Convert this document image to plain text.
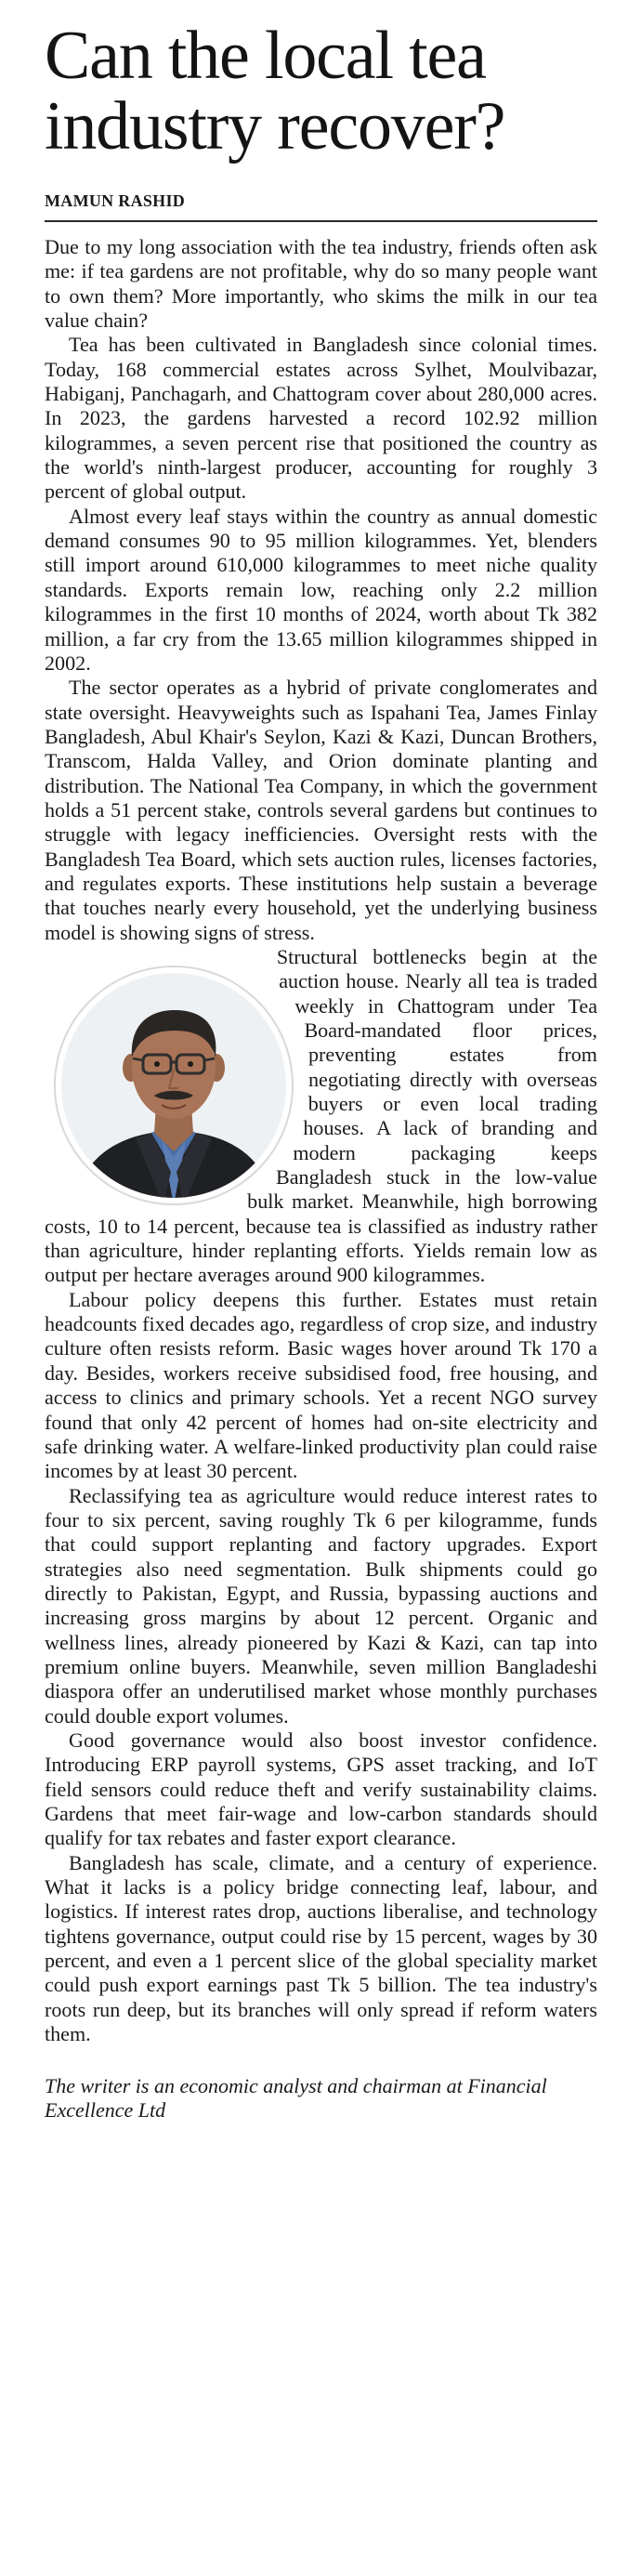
Can the local tea
industry recover?
MAMUN RASHID

Due to my long association with the tea industry, friends often ask me: if tea gardens are not profitable, why do so many people want to own them? More importantly, who skims the milk in our tea value chain?

Tea has been cultivated in Bangladesh since colonial times. Today, 168 commercial estates across Sylhet, Moulvibazar, Habiganj, Panchagarh, and Chattogram cover about 280,000 acres. In 2023, the gardens harvested a record 102.92 million kilogrammes, a seven percent rise that positioned the country as the world's ninth-largest producer, accounting for roughly 3 percent of global output.

Almost every leaf stays within the country as annual domestic demand consumes 90 to 95 million kilogrammes. Yet, blenders still import around 610,000 kilogrammes to meet niche quality standards. Exports remain low, reaching only 2.2 million kilogrammes in the first 10 months of 2024, worth about Tk 382 million, a far cry from the 13.65 million kilogrammes shipped in 2002.

The sector operates as a hybrid of private conglomerates and state oversight. Heavyweights such as Ispahani Tea, James Finlay Bangladesh, Abul Khair's Seylon, Kazi & Kazi, Duncan Brothers, Transcom, Halda Valley, and Orion dominate planting and distribution. The National Tea Company, in which the government holds a 51 percent stake, controls several gardens but continues to struggle with legacy inefficiencies. Oversight rests with the Bangladesh Tea Board, which sets auction rules, licenses factories, and regulates exports. These institutions help sustain a beverage that touches nearly every household, yet the underlying business model is showing signs of stress.

Structural bottlenecks begin at the auction house. Nearly all tea is traded weekly in Chattogram under Tea Board-mandated floor prices, preventing estates from negotiating directly with overseas buyers or even local trading houses. A lack of branding and modern packaging keeps Bangladesh stuck in the low-value bulk market. Meanwhile, high borrowing costs, 10 to 14 percent, because tea is classified as industry rather than agriculture, hinder replanting efforts. Yields remain low as output per hectare averages around 900 kilogrammes.

Labour policy deepens this further. Estates must retain headcounts fixed decades ago, regardless of crop size, and industry culture often resists reform. Basic wages hover around Tk 170 a day. Besides, workers receive subsidised food, free housing, and access to clinics and primary schools. Yet a recent NGO survey found that only 42 percent of homes had on-site electricity and safe drinking water. A welfare-linked productivity plan could raise incomes by at least 30 percent.

Reclassifying tea as agriculture would reduce interest rates to four to six percent, saving roughly Tk 6 per kilogramme, funds that could support replanting and factory upgrades. Export strategies also need segmentation. Bulk shipments could go directly to Pakistan, Egypt, and Russia, bypassing auctions and increasing gross margins by about 12 percent. Organic and wellness lines, already pioneered by Kazi & Kazi, can tap into premium online buyers. Meanwhile, seven million Bangladeshi diaspora offer an underutilised market whose monthly purchases could double export volumes.

Good governance would also boost investor confidence. Introducing ERP payroll systems, GPS asset tracking, and IoT field sensors could reduce theft and verify sustainability claims. Gardens that meet fair-wage and low-carbon standards should qualify for tax rebates and faster export clearance.

Bangladesh has scale, climate, and a century of experience. What it lacks is a policy bridge connecting leaf, labour, and logistics. If interest rates drop, auctions liberalise, and technology tightens governance, output could rise by 15 percent, wages by 30 percent, and even a 1 percent slice of the global speciality market could push export earnings past Tk 5 billion. The tea industry's roots run deep, but its branches will only spread if reform waters them.

The writer is an economic analyst and chairman at Financial Excellence Ltd
